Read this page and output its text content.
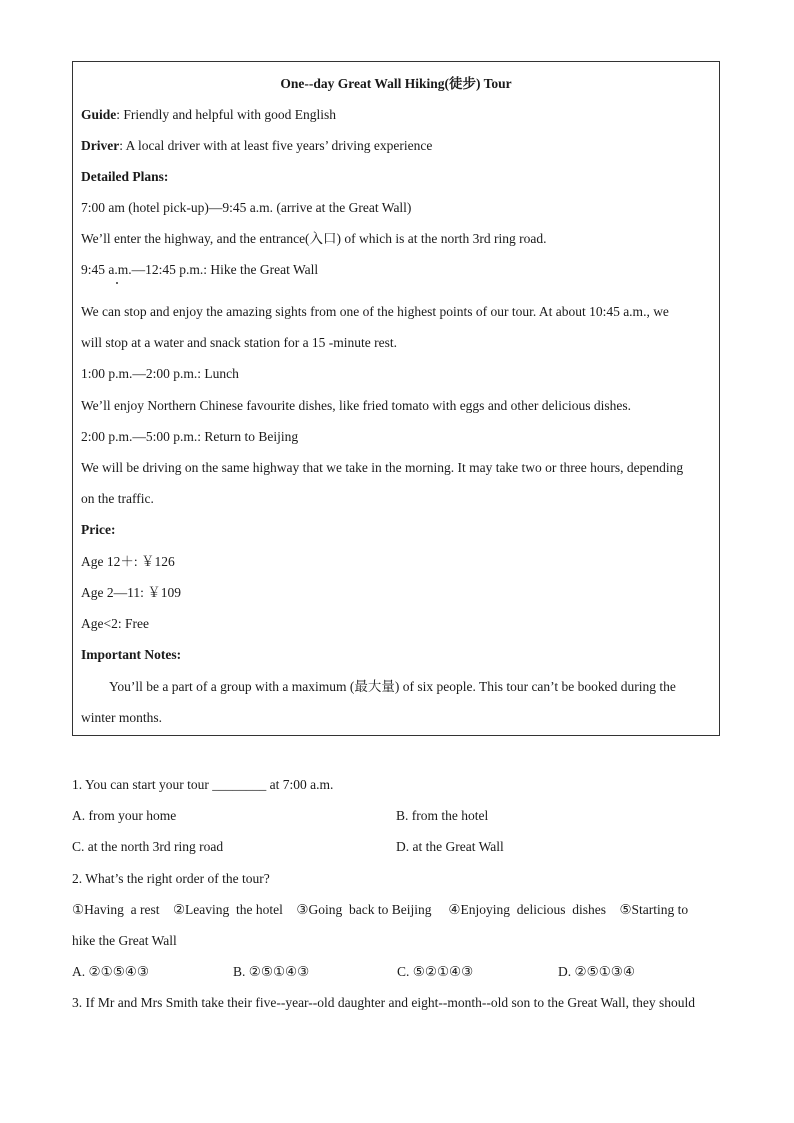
One--day Great Wall Hiking(徒步) Tour
Guide: Friendly and helpful with good English
Driver: A local driver with at least five years’ driving experience
Detailed Plans:
7:00 am (hotel pick-up)—9:45 a.m. (arrive at the Great Wall)
We’ll enter the highway, and the entrance(入口) of which is at the north 3rd ring road.
9:45 a.m.—12:45 p.m.: Hike the Great Wall
We can stop and enjoy the amazing sights from one of the highest points of our tour. At about 10:45 a.m., we
will stop at a water and snack station for a 15 -minute rest.
1:00 p.m.—2:00 p.m.: Lunch
We’ll enjoy Northern Chinese favourite dishes, like fried tomato with eggs and other delicious dishes.
2:00 p.m.—5:00 p.m.: Return to Beijing
We will be driving on the same highway that we take in the morning. It may take two or three hours, depending
on the traffic.
Price:
Age 12＋: ￥126
Age 2—11: ￥109
Age<2: Free
Important Notes:
You’ll be a part of a group with a maximum (最大量) of six people. This tour can’t be booked during the
winter months.
1. You can start your tour ________ at 7:00 a.m.
A. from your home	B. from the hotel
C. at the north 3rd ring road	D. at the Great Wall
2. What’s the right order of the tour?
①Having  a rest    ②Leaving  the hotel    ③Going  back to Beijing     ④Enjoying  delicious  dishes    ⑤Starting to
hike the Great Wall
A. ②①⑤④③	B. ②⑤①④③	C. ⑤②①④③	D. ②⑤①③④
3. If Mr and Mrs Smith take their five--year--old daughter and eight--month--old son to the Great Wall, they should
